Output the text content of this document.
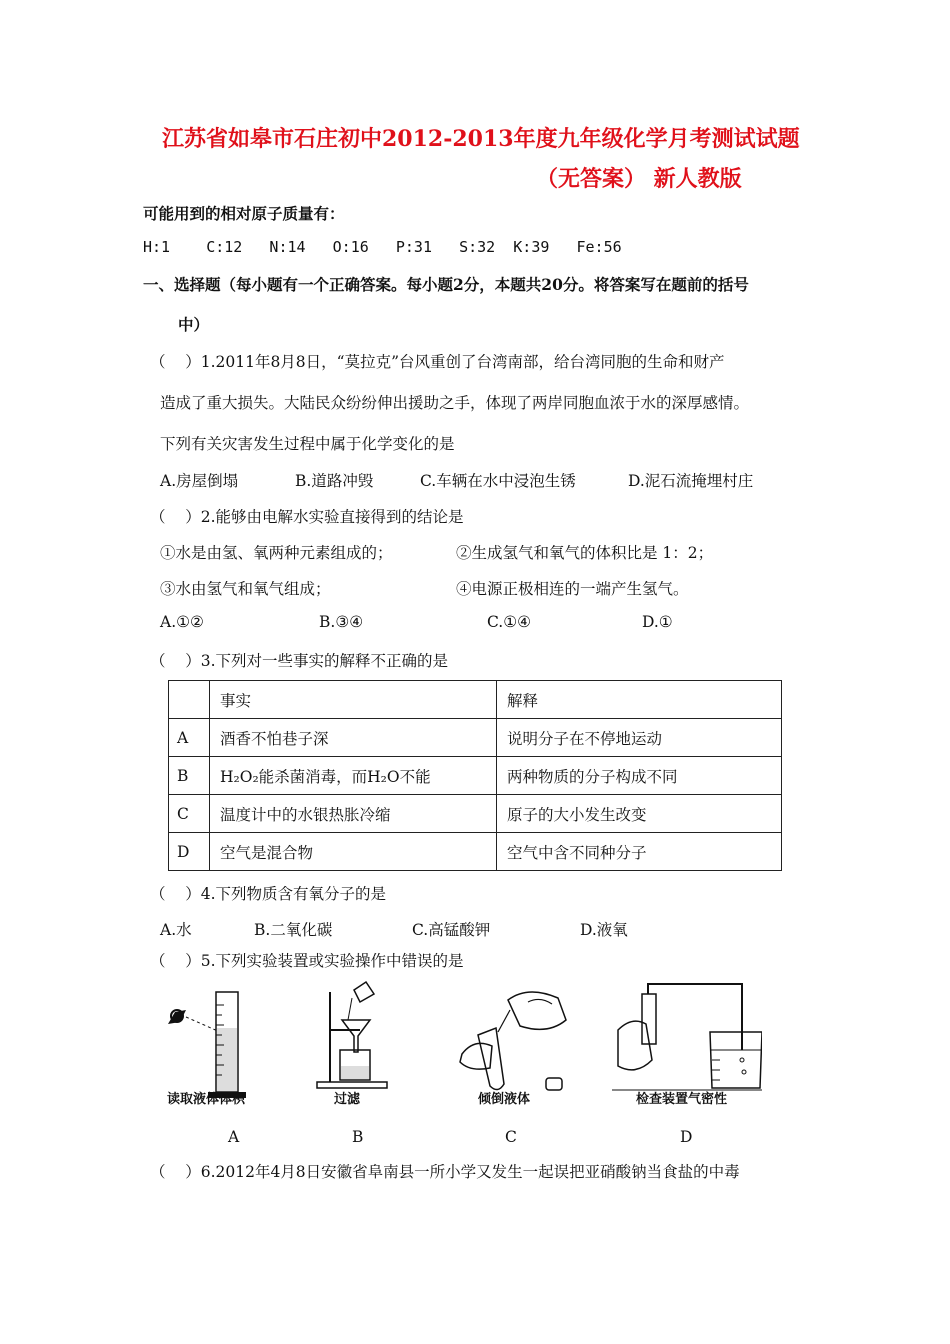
江苏省如皋市石庄初中2012-2013年度九年级化学月考测试试题
（无答案） 新人教版
可能用到的相对原子质量有：
H:1    C:12   N:14   O:16   P:31   S:32  K:39   Fe:56
一、选择题（每小题有一个正确答案。每小题2分，本题共20分。将答案写在题前的括号
中）
（    ）1.2011年8月8日，“莫拉克”台风重创了台湾南部，给台湾同胞的生命和财产
造成了重大损失。大陆民众纷纷伸出援助之手，体现了两岸同胞血浓于水的深厚感情。
下列有关灾害发生过程中属于化学变化的是
A.房屋倒塌	B.道路冲毁	C.车辆在水中浸泡生锈	D.泥石流掩埋村庄
（    ）2.能够由电解水实验直接得到的结论是
①水是由氢、氧两种元素组成的；	②生成氢气和氧气的体积比是 1：2；
③水由氢气和氧气组成；	④电源正极相连的一端产生氢气。
A.①②	B.③④	C.①④	D.①
（    ）3.下列对一些事实的解释不正确的是
	事实	解释
A	酒香不怕巷子深	说明分子在不停地运动
B	H₂O₂能杀菌消毒，而H₂O不能	两种物质的分子构成不同
C	温度计中的水银热胀冷缩	原子的大小发生改变
D	空气是混合物	空气中含不同种分子
（    ）4.下列物质含有氧分子的是
A.水	B.二氧化碳	C.高锰酸钾	D.液氧
（    ）5.下列实验装置或实验操作中错误的是
读取液体体积
A
过滤
B
倾倒液体
C
检查装置气密性
D
（    ）6.2012年4月8日安徽省阜南县一所小学又发生一起误把亚硝酸钠当食盐的中毒
